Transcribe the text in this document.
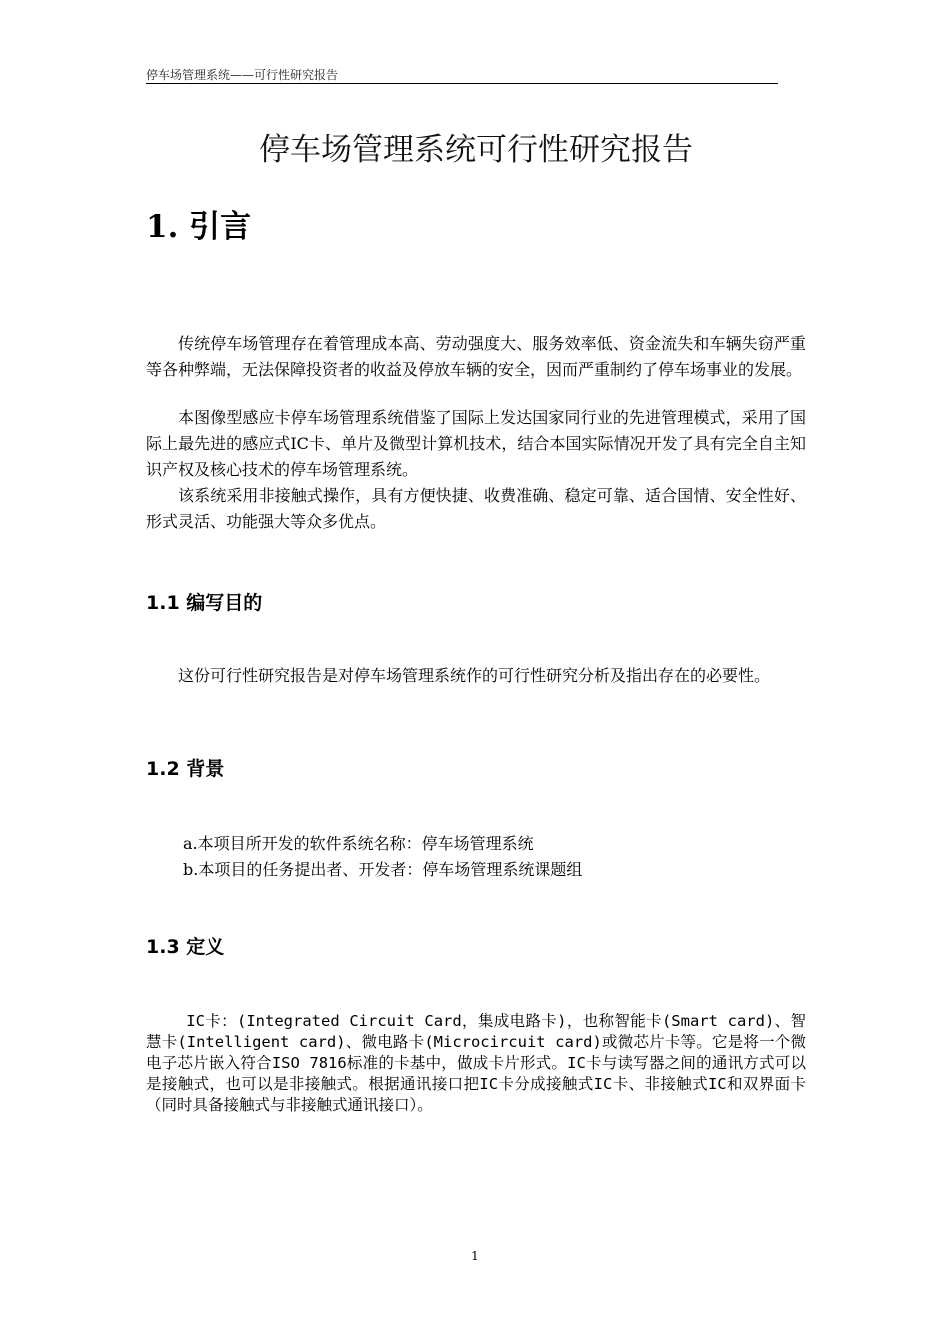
停车场管理系统——可行性研究报告
停车场管理系统可行性研究报告
1. 引言

传统停车场管理存在着管理成本高、劳动强度大、服务效率低、资金流失和车辆失窃严重等各种弊端，无法保障投资者的收益及停放车辆的安全，因而严重制约了停车场事业的发展。

本图像型感应卡停车场管理系统借鉴了国际上发达国家同行业的先进管理模式，采用了国际上最先进的感应式IC卡、单片及微型计算机技术，结合本国实际情况开发了具有完全自主知识产权及核心技术的停车场管理系统。

该系统采用非接触式操作，具有方便快捷、收费准确、稳定可靠、适合国情、安全性好、形式灵活、功能强大等众多优点。

1.1 编写目的

这份可行性研究报告是对停车场管理系统作的可行性研究分析及指出存在的必要性。

1.2 背景
a.本项目所开发的软件系统名称：停车场管理系统
b.本项目的任务提出者、开发者：停车场管理系统课题组
1.3 定义

IC卡：(Integrated Circuit Card，集成电路卡)，也称智能卡(Smart card)、智慧卡(Intelligent card)、微电路卡(Microcircuit card)或微芯片卡等。它是将一个微电子芯片嵌入符合ISO 7816标准的卡基中，做成卡片形式。IC卡与读写器之间的通讯方式可以是接触式，也可以是非接触式。根据通讯接口把IC卡分成接触式IC卡、非接触式IC和双界面卡（同时具备接触式与非接触式通讯接口）。

1
